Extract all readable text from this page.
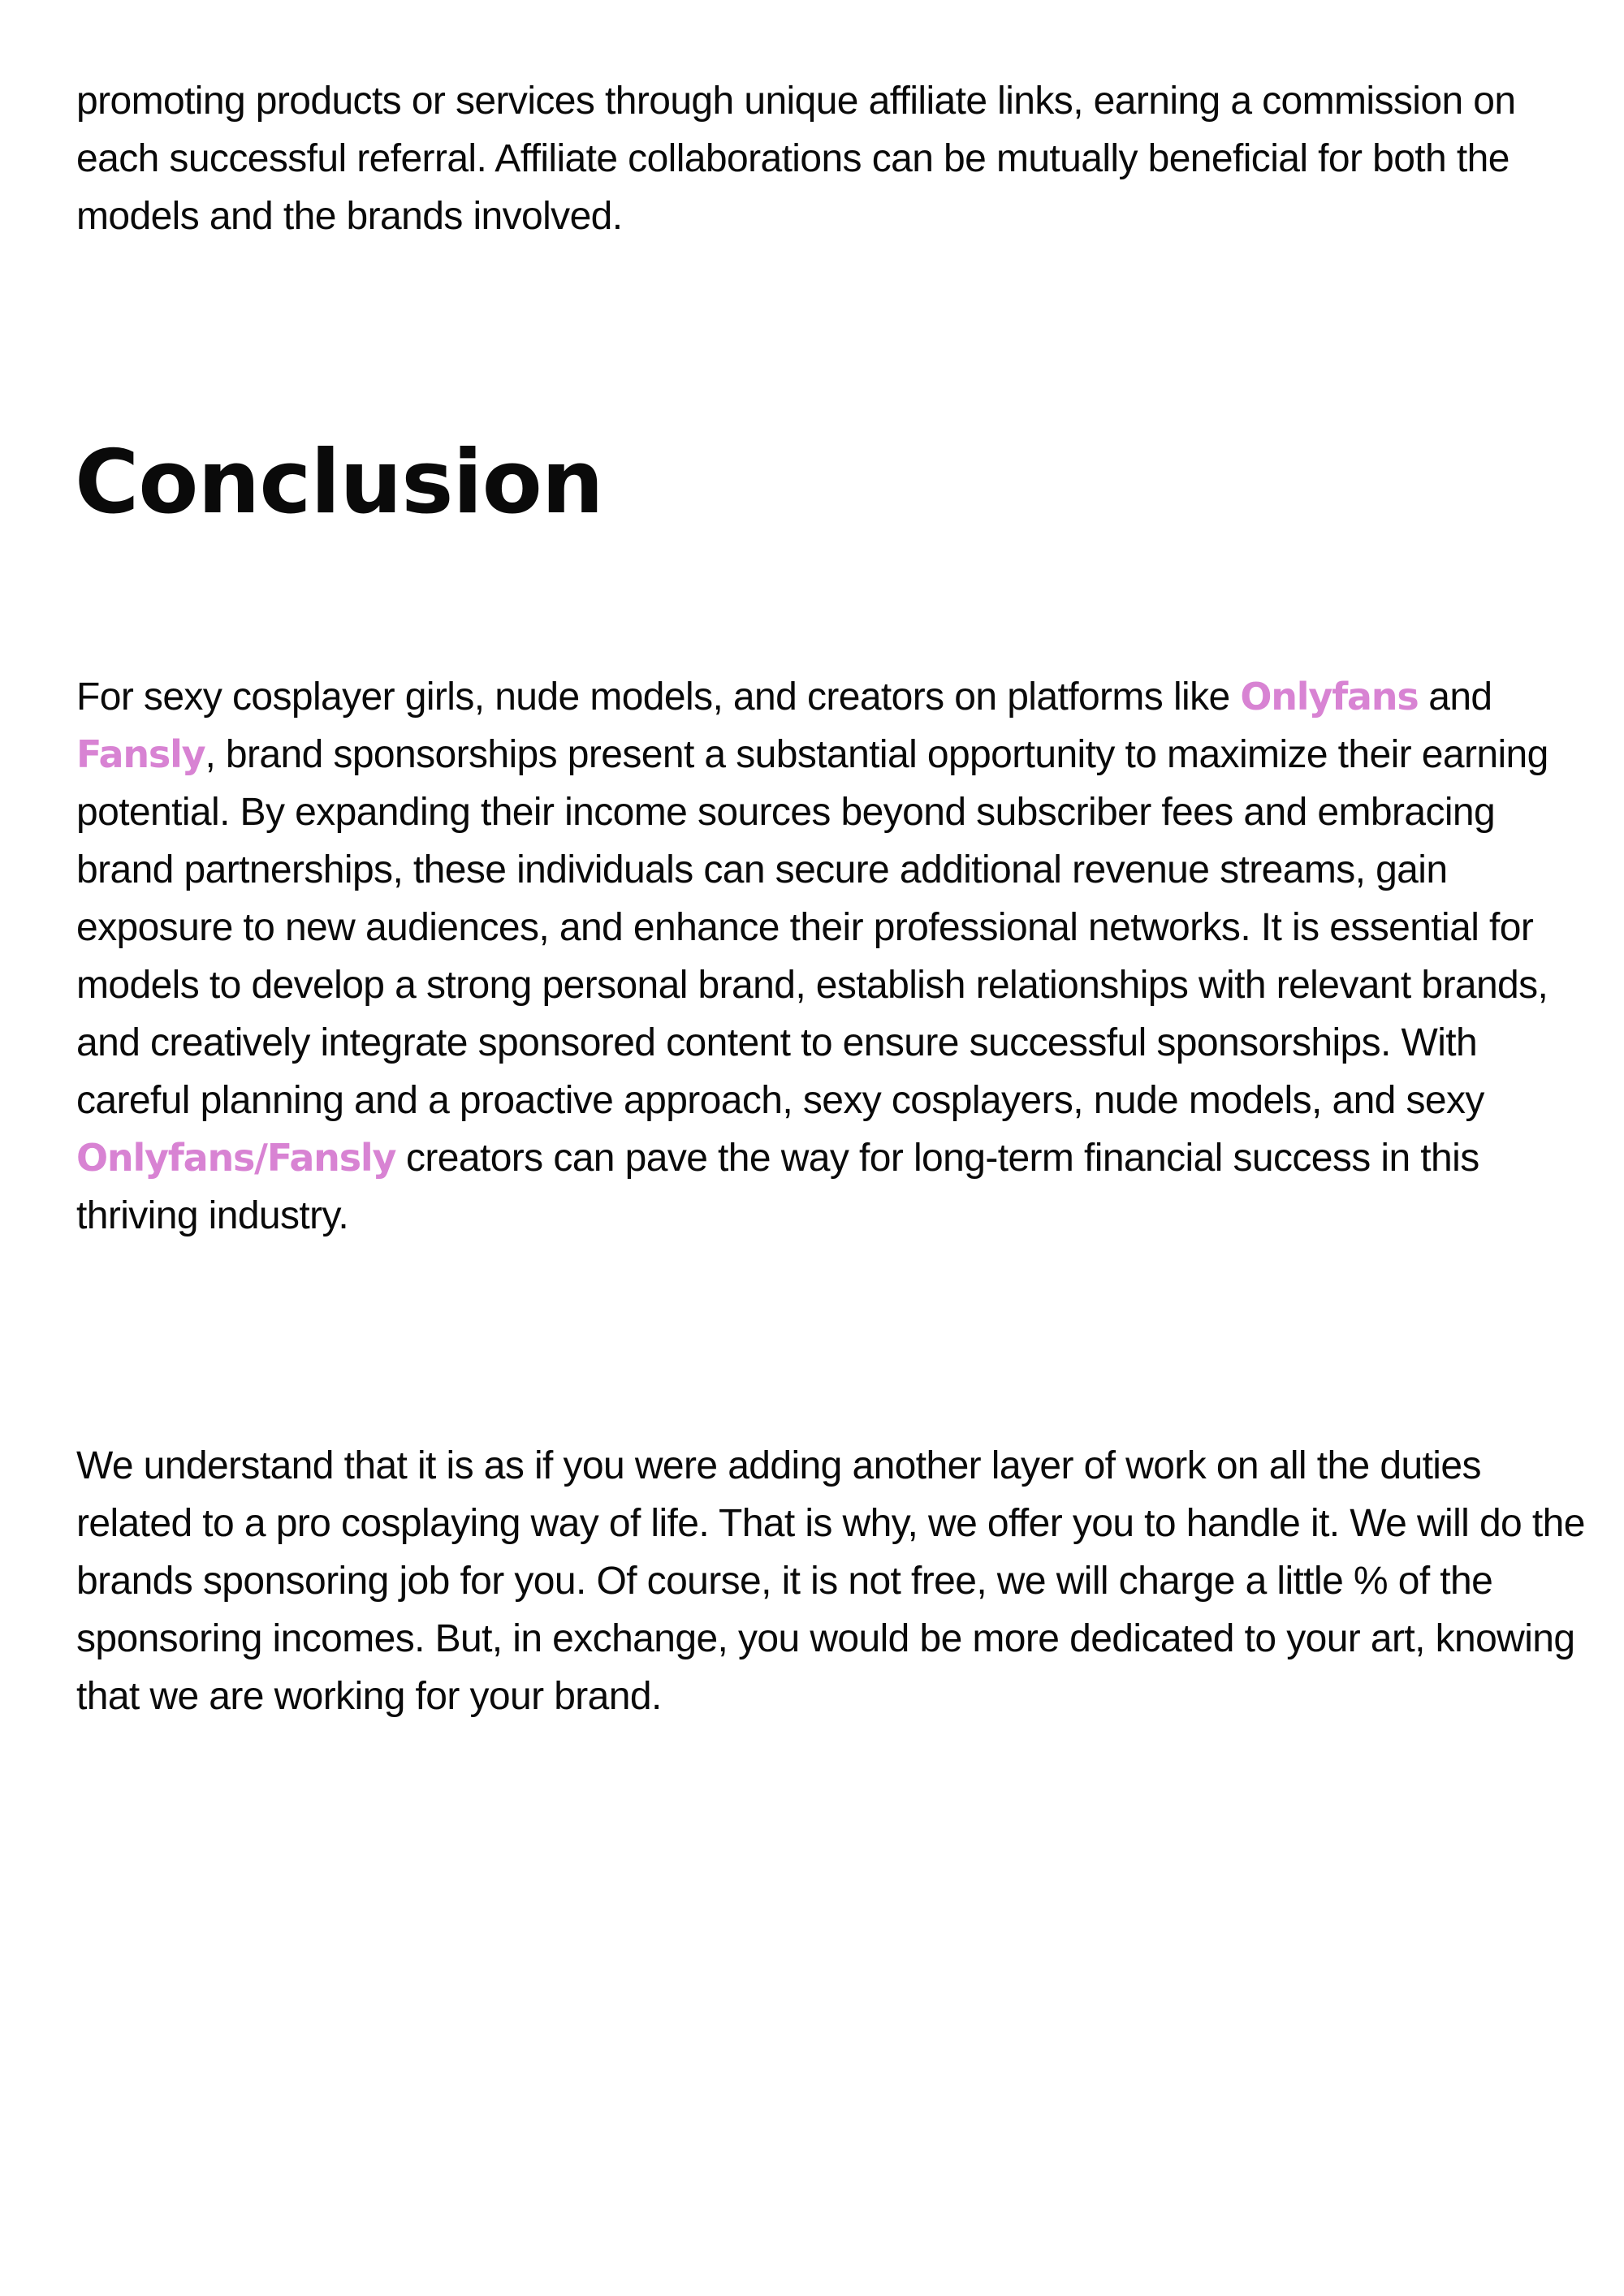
promoting products or services through unique affiliate links, earning a commission on each successful referral. Affiliate collaborations can be mutually beneficial for both the models and the brands involved.

Conclusion

For sexy cosplayer girls, nude models, and creators on platforms like Onlyfans and Fansly, brand sponsorships present a substantial opportunity to maximize their earning potential. By expanding their income sources beyond subscriber fees and embracing brand partnerships, these individuals can secure additional revenue streams, gain exposure to new audiences, and enhance their professional networks. It is essential for models to develop a strong personal brand, establish relationships with relevant brands, and creatively integrate sponsored content to ensure successful sponsorships. With careful planning and a proactive approach, sexy cosplayers, nude models, and sexy Onlyfans/Fansly creators can pave the way for long-term financial success in this thriving industry.

We understand that it is as if you were adding another layer of work on all the duties related to a pro cosplaying way of life. That is why, we offer you to handle it. We will do the brands sponsoring job for you. Of course, it is not free, we will charge a little % of the sponsoring incomes. But, in exchange, you would be more dedicated to your art, knowing that we are working for your brand.
